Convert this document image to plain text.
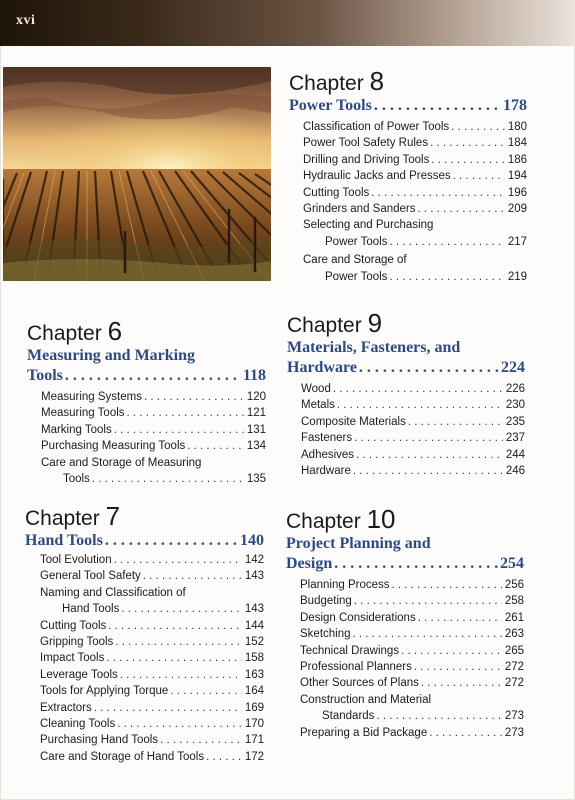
xvi
Chapter 8
Power Tools . . .	178
Classification of Power Tools . . .	180
Power Tool Safety Rules . . .	184
Drilling and Driving Tools . . .	186
Hydraulic Jacks and Presses . . .	194
Cutting Tools . . .	196
Grinders and Sanders . . .	209
Selecting and Purchasing
Power Tools . . .	217
Care and Storage of
Power Tools . . .	219
Chapter 6
Measuring and Marking
Tools . . .	118
Measuring Systems . . .	120
Measuring Tools . . .	121
Marking Tools . . .	131
Purchasing Measuring Tools . . .	134
Care and Storage of Measuring
Tools . . .	135
Chapter 9
Materials, Fasteners, and
Hardware . . .	224
Wood . . .	226
Metals . . .	230
Composite Materials . . .	235
Fasteners . . .	237
Adhesives . . .	244
Hardware . . .	246
Chapter 7
Hand Tools . . .	140
Tool Evolution . . .	142
General Tool Safety . . .	143
Naming and Classification of
Hand Tools . . .	143
Cutting Tools . . .	144
Gripping Tools . . .	152
Impact Tools . . .	158
Leverage Tools . . .	163
Tools for Applying Torque . . .	164
Extractors . . .	169
Cleaning Tools . . .	170
Purchasing Hand Tools . . .	171
Care and Storage of Hand Tools . . .	172
Chapter 10
Project Planning and
Design . . .	254
Planning Process . . .	256
Budgeting . . .	258
Design Considerations . . .	261
Sketching . . .	263
Technical Drawings . . .	265
Professional Planners . . .	272
Other Sources of Plans . . .	272
Construction and Material
Standards . . .	273
Preparing a Bid Package . . .	273
